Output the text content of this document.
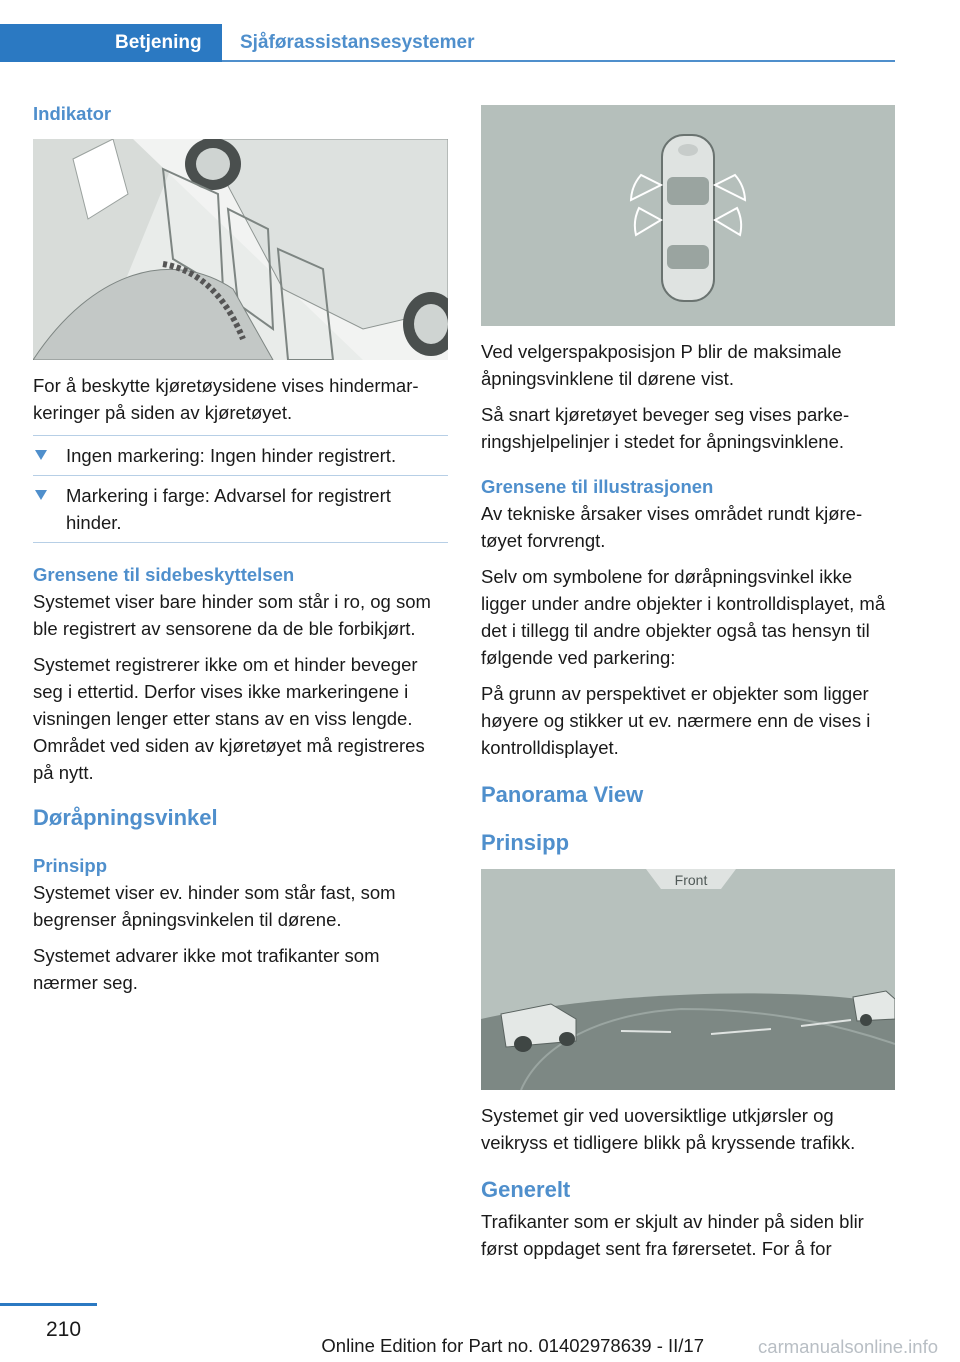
Betjening	Sjåførassistansesystemer
Indikator

For å beskytte kjøretøysidene vises hindermarkeringer på siden av kjøretøyet.

Ingen markering: Ingen hinder registrert.
Markering i farge: Advarsel for registrert hinder.
Grensene til sidebeskyttelsen

Systemet viser bare hinder som står i ro, og som ble registrert av sensorene da de ble forbikjørt.

Systemet registrerer ikke om et hinder beveger seg i ettertid. Derfor vises ikke markeringene i visningen lenger etter stans av en viss lengde. Området ved siden av kjøretøyet må registreres på nytt.

Døråpningsvinkel
Prinsipp

Systemet viser ev. hinder som står fast, som begrenser åpningsvinkelen til dørene.

Systemet advarer ikke mot trafikanter som nærmer seg.

Ved velgerspakposisjon P blir de maksimale åpningsvinklene til dørene vist.

Så snart kjøretøyet beveger seg vises parkeringshjelpelinjer i stedet for åpningsvinklene.

Grensene til illustrasjonen

Av tekniske årsaker vises området rundt kjøretøyet forvrengt.

Selv om symbolene for døråpningsvinkel ikke ligger under andre objekter i kontrolldisplayet, må det i tillegg til andre objekter også tas hensyn til følgende ved parkering:

På grunn av perspektivet er objekter som ligger høyere og stikker ut ev. nærmere enn de vises i kontrolldisplayet.

Panorama View
Prinsipp
Front

Systemet gir ved uoversiktlige utkjørsler og veikryss et tidligere blikk på kryssende trafikk.

Generelt

Trafikanter som er skjult av hinder på siden blir først oppdaget sent fra førersetet. For å for

210
Online Edition for Part no. 01402978639 - II/17	carmanualsonline.info
